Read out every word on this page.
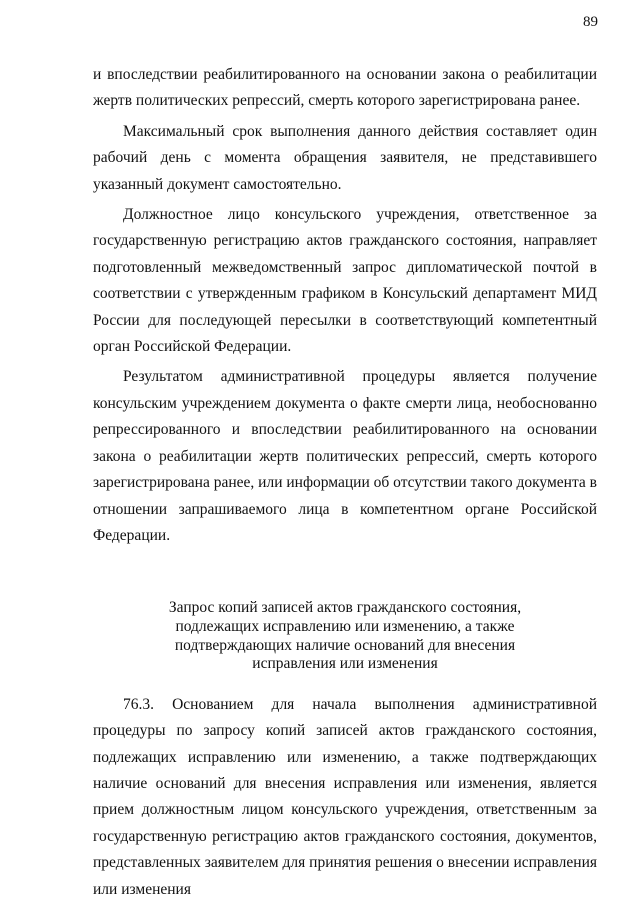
89

и впоследствии реабилитированного на основании закона о реабилитации жертв политических репрессий, смерть которого зарегистрирована ранее.

Максимальный срок выполнения данного действия составляет один рабочий день с момента обращения заявителя, не представившего указанный документ самостоятельно.

Должностное лицо консульского учреждения, ответственное за государственную регистрацию актов гражданского состояния, направляет подготовленный межведомственный запрос дипломатической почтой в соответствии с утвержденным графиком в Консульский департамент МИД России для последующей пересылки в соответствующий компетентный орган Российской Федерации.

Результатом административной процедуры является получение консульским учреждением документа о факте смерти лица, необоснованно репрессированного и впоследствии реабилитированного на основании закона о реабилитации жертв политических репрессий, смерть которого зарегистрирована ранее, или информации об отсутствии такого документа в отношении запрашиваемого лица в компетентном органе Российской Федерации.

Запрос копий записей актов гражданского состояния,
подлежащих исправлению или изменению, а также
подтверждающих наличие оснований для внесения
исправления или изменения

76.3. Основанием для начала выполнения административной процедуры по запросу копий записей актов гражданского состояния, подлежащих исправлению или изменению, а также подтверждающих наличие оснований для внесения исправления или изменения, является прием должностным лицом консульского учреждения, ответственным за государственную регистрацию актов гражданского состояния, документов, представленных заявителем для принятия решения о внесении исправления или изменения
